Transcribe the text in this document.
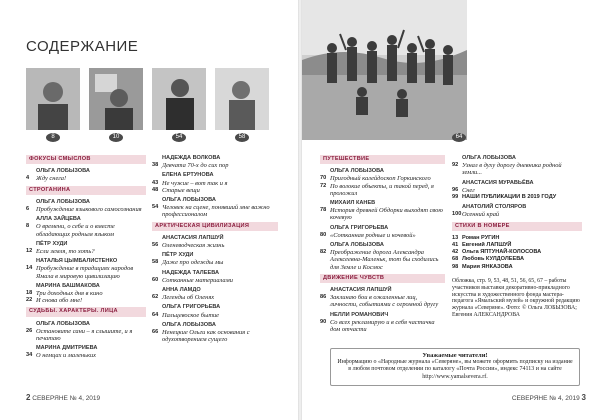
СОДЕРЖАНИЕ
8	10	54	58
ФОКУСЫ СМЫСЛОВ
ОЛЬГА ЛОБЫЗОВА
4	Жду снега!
СТРОГАНИНА
ОЛЬГА ЛОБЫЗОВА
6	Пробуждение языкового самосознания
АЛЛА ЗАЙЦЕВА
8	О времени, о себе и о вместе обладающих родным языком
ПЁТР ХУДИ
12 Если земля, то хоть?
НАТАЛЬЯ ЦЫМБАЛИСТЕНКО
14 Пробуждение в традициях народов Ямала в мировую цивилизацию
МАРИНА БАШМАКОВА
18 Три доходных дня в кино
22 И снова обо мне!
СУДЬБЫ. ХАРАКТЕРЫ. ЛИЦА
ОЛЬГА ЛОБЫЗОВА
26 Остановите сани – я слышите, и я печатаю
МАРИНА ДМИТРИЕВА
34 О немцах и маленьких
НАДЕЖДА ВОЛКОВА
38 Девчата 70-х до сих пор
ЕЛЕНА ЕРТУНОВА
43 Не чужие – вот так и я
48 Старые вещи
ОЛЬГА ЛОБЫЗОВА
54 Человек на сцене, понявший мне важно профессионалом
АРКТИЧЕСКАЯ ЦИВИЛИЗАЦИЯ
АНАСТАСИЯ ЛАПШУЙ
56 Оленеводческая жизнь
ПЁТР ХУДИ
58 Даже про одежды мы
НАДЕЖДА ТАЛЕЕВА
60 Сотканные материалами
АННА ЛАМДО
62 Легенды об Оленях
ОЛЬГА ГРИГОРЬЕВА
64 Пальцевоское бытие
ОЛЬГА ЛОБЫЗОВА
66 Ненецкие Ольги как основания с одухотворением сущего
2 СЕВЕРЯНЕ № 4, 2019
64
ПУТЕШЕСТВИЕ
ОЛЬГА ЛОБЫЗОВА
70 Пригодный калейдоскоп Горкинского
72 По волокие объекты, и такой перед, я проложил
МИХАИЛ КАНЕВ
78 История древней Обдорки выходят свою кочевую
ОЛЬГА ГРИГОРЬЕВА
80 «Сотканная родные и кочевой»
ОЛЬГА ЛОБЫЗОВА
82 Преображение дорога Александра Алексеевна-Маленьк, тот бы сходились для Земле и Космос
ДВИЖЕНИЕ ЧУВСТВ
АНАСТАСИЯ ЛАПШУЙ
86 Заклинаю бои в ожаленные лиц, личности, событиями с огромной другу
НЕЛЛИ РОМАНОВИЧ
90 Со всех рекламирую и в себя частичка дом отчасти
ОЛЬГА ЛОБЫЗОВА
92 Узнал в духу дорогу дневника родной земли...
АНАСТАСИЯ МУРАВЬЁВА
96 Снег
99 НАШИ ПУБЛИКАЦИИ В 2019 ГОДУ
АНАТОЛИЙ СТОЛЯРОВ
100 Осенний край
СТИХИ В НОМЕРЕ
13 Роман РУГИН
41 Евгений ЛАПШУЙ
42 Ольга ЯПТУНАЙ-КОЛОСОВА
68 Любовь КУЛДОЛЕЕВА
98 Мария ЯНКАЗОВА
Обложка, стр. 9, 53, 48, 51, 56, 65, 67 – работы участников выставки декоративно-прикладного искусства и художественного фонда мастера-педагога «Ямальский музей» и окружной редакцию журнала «Северяне». Фото: © Ольга ЛОБЫЗОВА; Евгения АЛЕКСАНДРОВА
Уважаемые читатели!
Информацию о «Народные журнала «Северяне», вы можете оформить подписку на издание в любом почтовом отделении по каталогу «Почта России», индекс 74113 и на сайте http://www.yamalsevera.rf.
СЕВЕРЯНЕ № 4, 2019 3
